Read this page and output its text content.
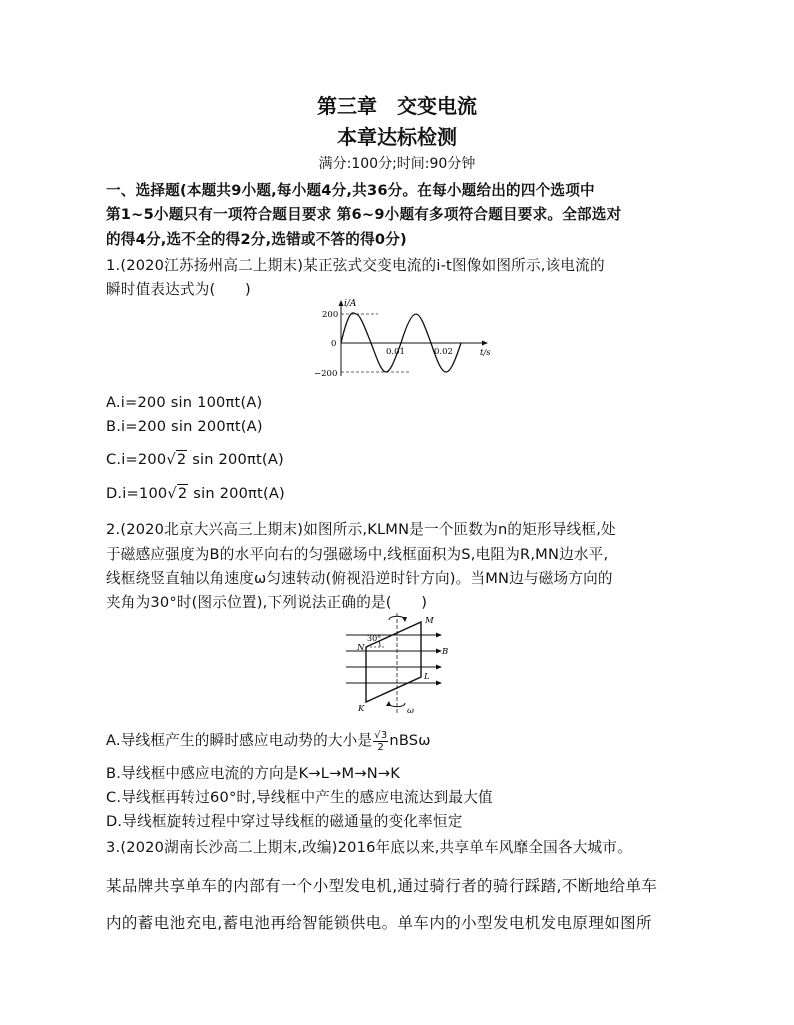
第三章　交变电流
本章达标检测
满分:100分;时间:90分钟
一、选择题(本题共9小题,每小题4分,共36分。在每小题给出的四个选项中
第1~5小题只有一项符合题目要求 第6~9小题有多项符合题目要求。全部选对
的得4分,选不全的得2分,选错或不答的得0分)
1.(2020江苏扬州高二上期末)某正弦式交变电流的i-t图像如图所示,该电流的
瞬时值表达式为(　　)
i/A
t/s
200
0
−200
0.01	0.02
A.i=200 sin 100πt(A)
B.i=200 sin 200πt(A)
C.i=200√2 sin 200πt(A)
D.i=100√2 sin 200πt(A)
2.(2020北京大兴高三上期末)如图所示,KLMN是一个匝数为n的矩形导线框,处
于磁感应强度为B的水平向右的匀强磁场中,线框面积为S,电阻为R,MN边水平,
线框绕竖直轴以角速度ω匀速转动(俯视沿逆时针方向)。当MN边与磁场方向的
夹角为30°时(图示位置),下列说法正确的是(　　)
30°
M
N	B
L
K	ω
A.导线框产生的瞬时感应电动势的大小是 $\frac{√3}{2}$ nBSω
B.导线框中感应电流的方向是K→L→M→N→K
C.导线框再转过60°时,导线框中产生的感应电流达到最大值
D.导线框旋转过程中穿过导线框的磁通量的变化率恒定
3.(2020湖南长沙高二上期末,改编)2016年底以来,共享单车风靡全国各大城市。
某品牌共享单车的内部有一个小型发电机,通过骑行者的骑行踩踏,不断地给单车
内的蓄电池充电,蓄电池再给智能锁供电。单车内的小型发电机发电原理如图所
